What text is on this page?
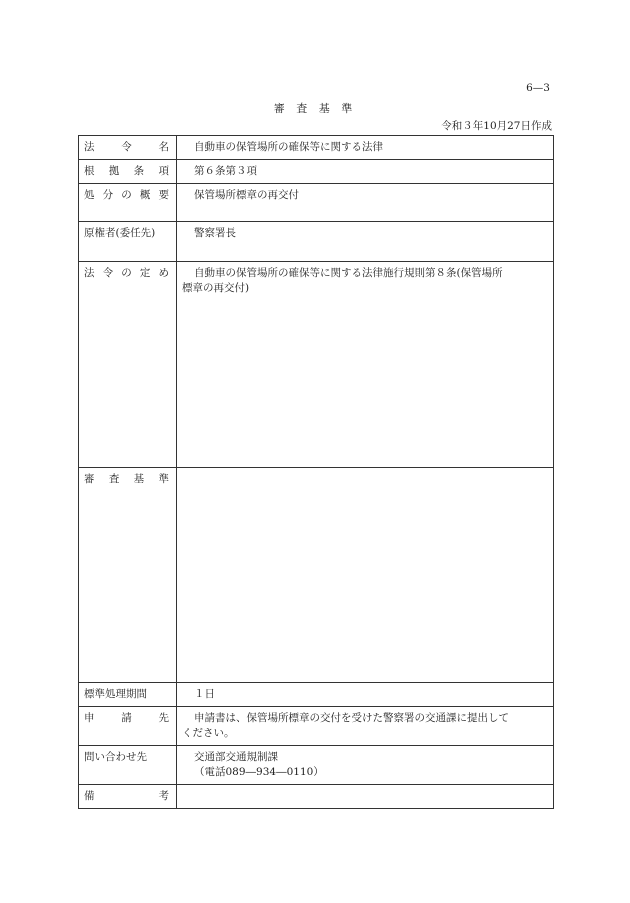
6—3
審 査 基 準
令和３年10月27日作成
法 令 名	自動車の保管場所の確保等に関する法律

根 拠 条 項	第６条第３項

処 分 の 概 要	保管場所標章の再交付
原権者(委任先)	警察署長

法 令 の 定 め	自動車の保管場所の確保等に関する法律施行規則第８条(保管場所
標章の再交付)

審 査 基 準	

標準処理期間	１日

申 請 先	申請書は、保管場所標章の交付を受けた警察署の交通課に提出して
ください。

問い合わせ先	交通部交通規制課
（電話089―934―0110）

備 考	
